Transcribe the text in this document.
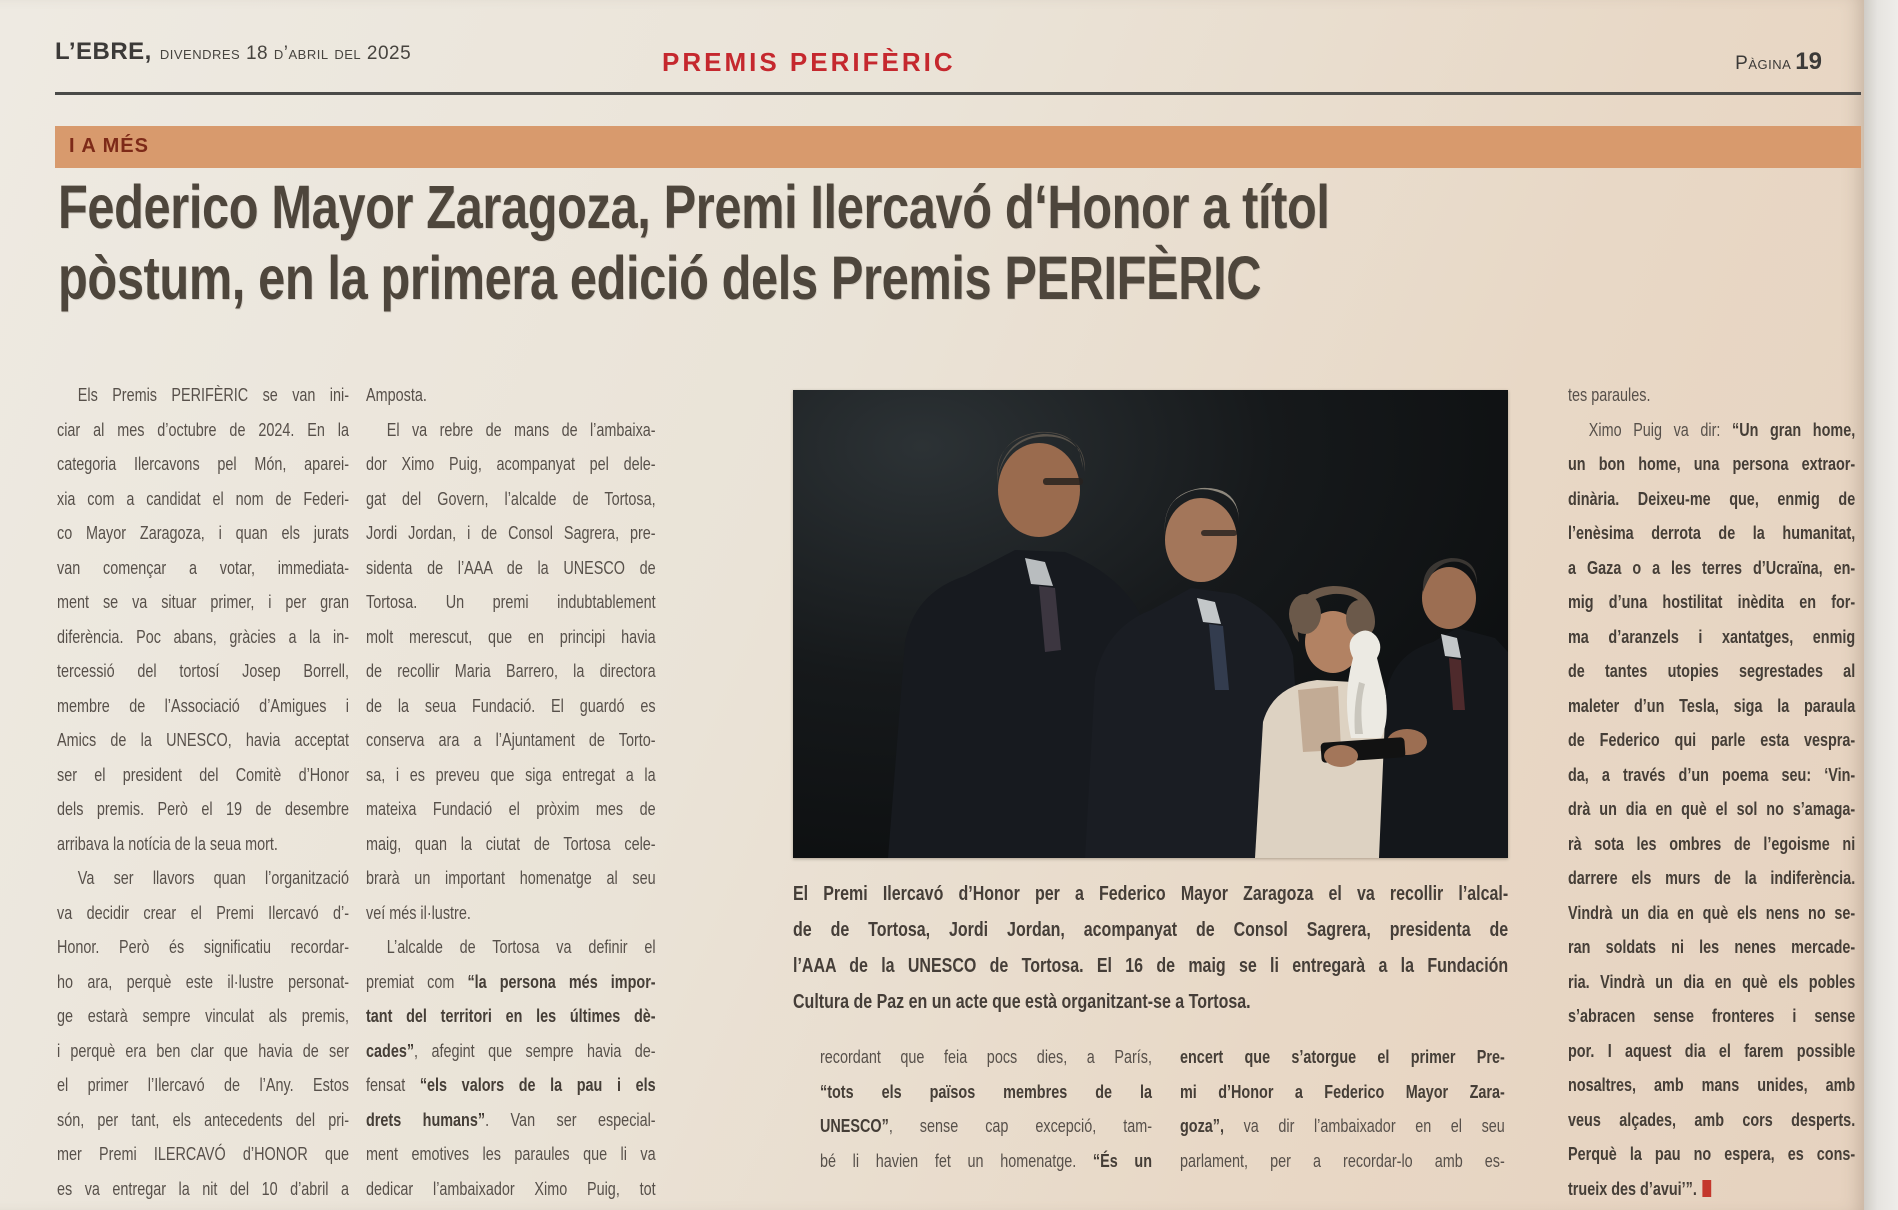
L’EBRE, divendres 18 d’abril del 2025	PREMIS PERIFÈRIC	Pàgina 19
I A MÉS
Federico Mayor Zaragoza, Premi Ilercavó d‘Honor a títol
pòstum, en la primera edició dels Premis PERIFÈRIC
Els Premis PERIFÈRIC se van ini-
ciar al mes d’octubre de 2024. En la
categoria Ilercavons pel Món, aparei-
xia com a candidat el nom de Federi-
co Mayor Zaragoza, i quan els jurats
van començar a votar, immediata-
ment se va situar primer, i per gran
diferència. Poc abans, gràcies a la in-
tercessió del tortosí Josep Borrell,
membre de l’Associació d’Amigues i
Amics de la UNESCO, havia acceptat
ser el president del Comitè d’Honor
dels premis. Però el 19 de desembre
arribava la notícia de la seua mort.
Va ser llavors quan l’organització
va decidir crear el Premi Ilercavó d’-
Honor. Però és significatiu recordar-
ho ara, perquè este il·lustre personat-
ge estarà sempre vinculat als premis,
i perquè era ben clar que havia de ser
el primer l’Ilercavó de l’Any. Estos
són, per tant, els antecedents del pri-
mer Premi ILERCAVÓ d’HONOR que
es va entregar la nit del 10 d’abril a
Amposta.
El va rebre de mans de l’ambaixa-
dor Ximo Puig, acompanyat pel dele-
gat del Govern, l’alcalde de Tortosa,
Jordi Jordan, i de Consol Sagrera, pre-
sidenta de l’AAA de la UNESCO de
Tortosa. Un premi indubtablement
molt merescut, que en principi havia
de recollir Maria Barrero, la directora
de la seua Fundació. El guardó es
conserva ara a l’Ajuntament de Torto-
sa, i es preveu que siga entregat a la
mateixa Fundació el pròxim mes de
maig, quan la ciutat de Tortosa cele-
brarà un important homenatge al seu
veí més il·lustre.
L’alcalde de Tortosa va definir el
premiat com “la persona més impor-
tant del territori en les últimes dè-
cades”, afegint que sempre havia de-
fensat “els valors de la pau i els
drets humans”. Van ser especial-
ment emotives les paraules que li va
dedicar l’ambaixador Ximo Puig, tot
El Premi Ilercavó d’Honor per a Federico Mayor Zaragoza el va recollir l’alcal-
de de Tortosa, Jordi Jordan, acompanyat de Consol Sagrera, presidenta de
l’AAA de la UNESCO de Tortosa. El 16 de maig se li entregarà a la Fundación
Cultura de Paz en un acte que està organitzant-se a Tortosa.
recordant que feia pocs dies, a París,
“tots els països membres de la
UNESCO”, sense cap excepció, tam-
bé li havien fet un homenatge. “És un
encert que s’atorgue el primer Pre-
mi d’Honor a Federico Mayor Zara-
goza”, va dir l’ambaixador en el seu
parlament, per a recordar-lo amb es-
tes paraules.
Ximo Puig va dir: “Un gran home,
un bon home, una persona extraor-
dinària. Deixeu-me que, enmig de
l’enèsima derrota de la humanitat,
a Gaza o a les terres d’Ucraïna, en-
mig d’una hostilitat inèdita en for-
ma d’aranzels i xantatges, enmig
de tantes utopies segrestades al
maleter d’un Tesla, siga la paraula
de Federico qui parle esta vespra-
da, a través d’un poema seu: ‘Vin-
drà un dia en què el sol no s’amaga-
rà sota les ombres de l’egoisme ni
darrere els murs de la indiferència.
Vindrà un dia en què els nens no se-
ran soldats ni les nenes mercade-
ria. Vindrà un dia en què els pobles
s’abracen sense fronteres i sense
por. I aquest dia el farem possible
nosaltres, amb mans unides, amb
veus alçades, amb cors desperts.
Perquè la pau no espera, es cons-
trueix des d’avui’”.
